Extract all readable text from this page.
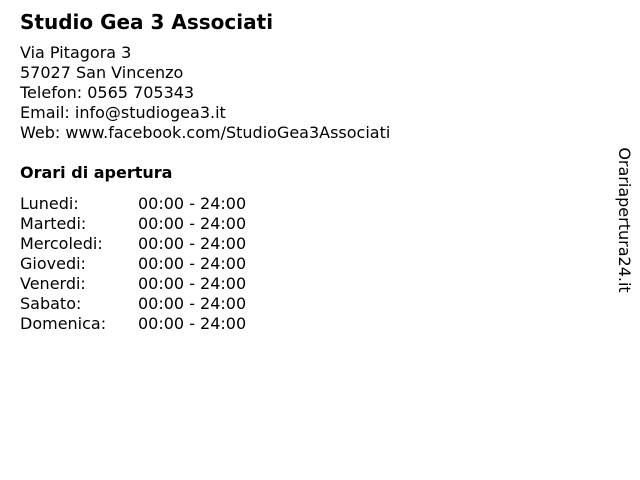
Studio Gea 3 Associati
Via Pitagora 3
57027 San Vincenzo
Telefon: 0565 705343
Email: info@studiogea3.it
Web: www.facebook.com/StudioGea3Associati
Orari di apertura
Lunedi:	00:00 - 24:00
Martedi:	00:00 - 24:00
Mercoledi: 00:00 - 24:00
Giovedi:	00:00 - 24:00
Venerdi:	00:00 - 24:00
Sabato:	00:00 - 24:00
Domenica: 00:00 - 24:00
Orariapertura24.it
